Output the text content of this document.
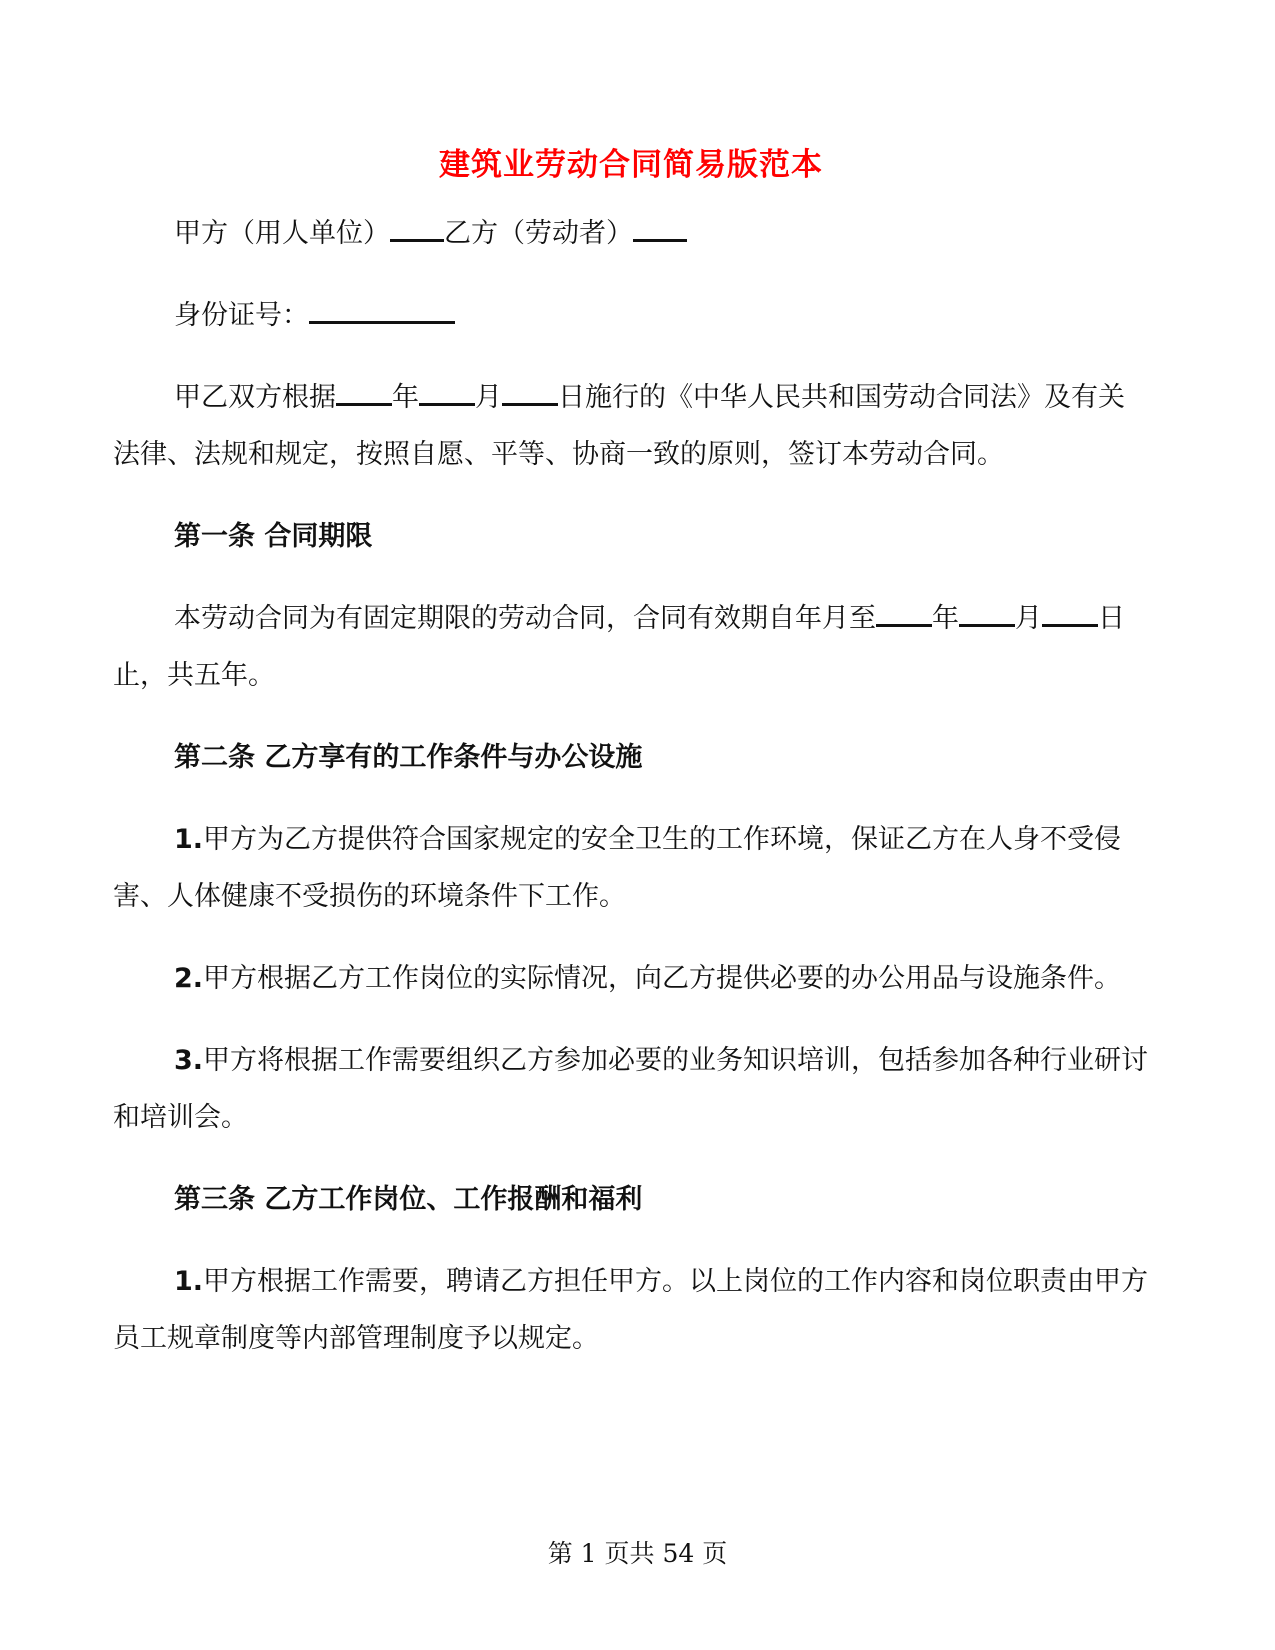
建筑业劳动合同简易版范本

甲方（用人单位） 乙方（劳动者）

身份证号：

甲乙双方根据 年 月 日施行的《中华人民共和国劳动合同法》及有关法律、法规和规定，按照自愿、平等、协商一致的原则，签订本劳动合同。

第一条 合同期限

本劳动合同为有固定期限的劳动合同，合同有效期自年月至 年 月 日止，共五年。

第二条 乙方享有的工作条件与办公设施

1.甲方为乙方提供符合国家规定的安全卫生的工作环境，保证乙方在人身不受侵害、人体健康不受损伤的环境条件下工作。

2.甲方根据乙方工作岗位的实际情况，向乙方提供必要的办公用品与设施条件。

3.甲方将根据工作需要组织乙方参加必要的业务知识培训，包括参加各种行业研讨和培训会。

第三条 乙方工作岗位、工作报酬和福利

1.甲方根据工作需要，聘请乙方担任甲方。以上岗位的工作内容和岗位职责由甲方员工规章制度等内部管理制度予以规定。

第 1 页共 54 页
